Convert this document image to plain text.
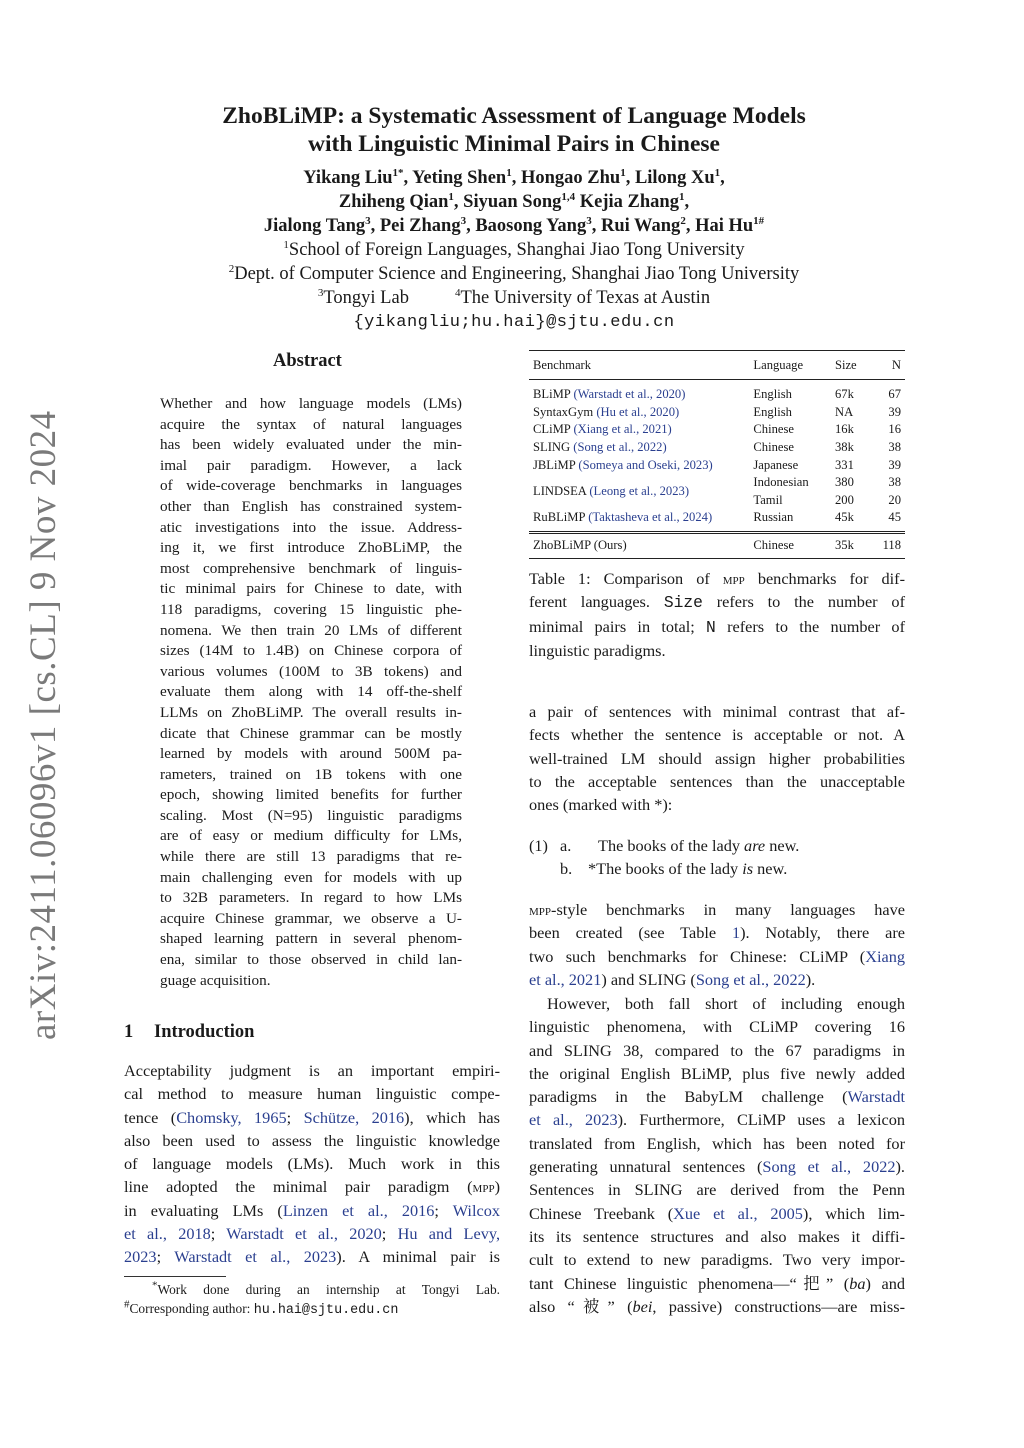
arXiv:2411.06096v1 [cs.CL] 9 Nov 2024
ZhoBLiMP: a Systematic Assessment of Language Models
with Linguistic Minimal Pairs in Chinese
Yikang Liu$^{1*}$, Yeting Shen$^1$, Hongao Zhu$^1$, Lilong Xu$^1$,
Zhiheng Qian$^1$, Siyuan Song$^{1,4}$ Kejia Zhang$^1$,
Jialong Tang$^3$, Pei Zhang$^3$, Baosong Yang$^3$, Rui Wang$^2$, Hai $Hu^{1\#}$
$^1$School of Foreign Languages, Shanghai Jiao Tong University
$^2$Dept. of Computer Science and Engineering, Shanghai Jiao Tong University
$^3$Tongyi Lab	$^4$The University of Texas at Austin
{yikangliu;hu.hai}@sjtu.edu.cn
Abstract
Whether and how language models (LMs)
acquire the syntax of natural languages
has been widely evaluated under the min-
imal pair paradigm. However, a lack
of wide-coverage benchmarks in languages
other than English has constrained system-
atic investigations into the issue. Address-
ing it, we first introduce ZhoBLiMP, the
most comprehensive benchmark of linguis-
tic minimal pairs for Chinese to date, with
118 paradigms, covering 15 linguistic phe-
nomena. We then train 20 LMs of different
sizes (14M to 1.4B) on Chinese corpora of
various volumes (100M to 3B tokens) and
evaluate them along with 14 off-the-shelf
LLMs on ZhoBLiMP. The overall results in-
dicate that Chinese grammar can be mostly
learned by models with around 500M pa-
rameters, trained on 1B tokens with one
epoch, showing limited benefits for further
scaling. Most (N=95) linguistic paradigms
are of easy or medium difficulty for LMs,
while there are still 13 paradigms that re-
main challenging even for models with up
to 32B parameters. In regard to how LMs
acquire Chinese grammar, we observe a U-
shaped learning pattern in several phenom-
ena, similar to those observed in child lan-
guage acquisition.
1 Introduction
Acceptability judgment is an important empiri-
cal method to measure human linguistic compe-
tence (Chomsky, 1965; Schütze, 2016), which has
also been used to assess the linguistic knowledge
of language models (LMs). Much work in this
line adopted the minimal pair paradigm (mpp)
in evaluating LMs (Linzen et al., 2016; Wilcox
et al., 2018; Warstadt et al., 2020; Hu and Levy,
2023; Warstadt et al., 2023). A minimal pair is
*Work done during an internship at Tongyi Lab.
#Corresponding author: hu.hai@sjtu.edu.cn
Benchmark	Language	Size	N
BLiMP (Warstadt et al., 2020)	English	67k	67
SyntaxGym (Hu et al., 2020)	English	NA	39
CLiMP (Xiang et al., 2021)	Chinese	16k	16
SLING (Song et al., 2022)	Chinese	38k	38
JBLiMP (Someya and Oseki, 2023)	Japanese	331	39
LINDSEA (Leong et al., 2023)	Indonesian	380	38
	Tamil	200	20
RuBLiMP (Taktasheva et al., 2024)	Russian	45k	45
ZhoBLiMP (Ours)	Chinese	35k	118
Table 1: Comparison of mpp benchmarks for dif-
ferent languages. Size refers to the number of
minimal pairs in total; N refers to the number of
linguistic paradigms.
a pair of sentences with minimal contrast that af-
fects whether the sentence is acceptable or not. A
well-trained LM should assign higher probabilities
to the acceptable sentences than the unacceptable
ones (marked with *):
(1) a. The books of the lady are new.
b. *The books of the lady is new.
mpp-style benchmarks in many languages have
been created (see Table 1). Notably, there are
two such benchmarks for Chinese: CLiMP (Xiang
et al., 2021) and SLING (Song et al., 2022).
However, both fall short of including enough
linguistic phenomena, with CLiMP covering 16
and SLING 38, compared to the 67 paradigms in
the original English BLiMP, plus five newly added
paradigms in the BabyLM challenge (Warstadt
et al., 2023). Furthermore, CLiMP uses a lexicon
translated from English, which has been noted for
generating unnatural sentences (Song et al., 2022).
Sentences in SLING are derived from the Penn
Chinese Treebank (Xue et al., 2005), which lim-
its its sentence structures and also makes it diffi-
cult to extend to new paradigms. Two very impor-
tant Chinese linguistic phenomena—“把” (ba) and
also “被” (bei, passive) constructions—are miss-
